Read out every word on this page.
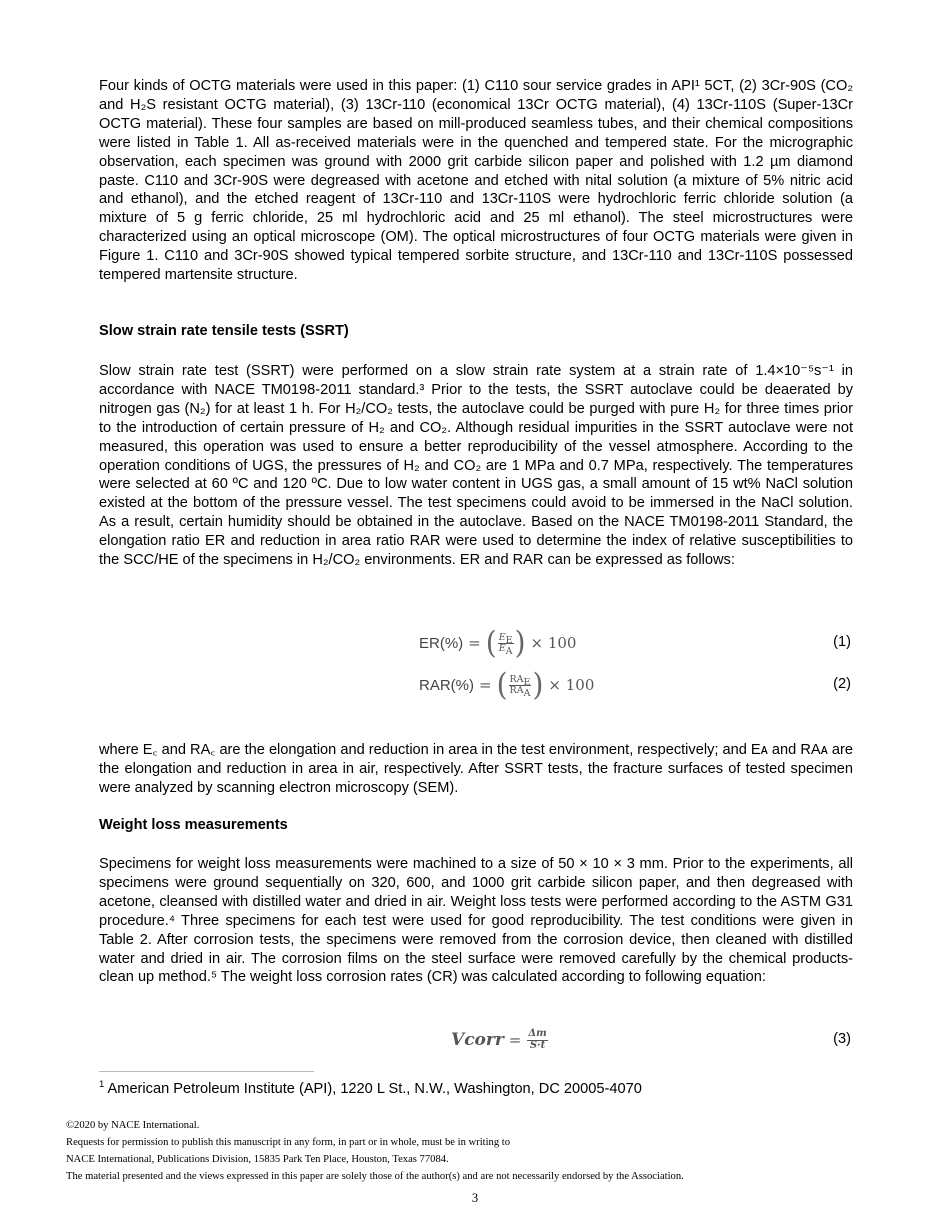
Four kinds of OCTG materials were used in this paper: (1) C110 sour service grades in API¹ 5CT, (2) 3Cr-90S (CO₂ and H₂S resistant OCTG material), (3) 13Cr-110 (economical 13Cr OCTG material), (4) 13Cr-110S (Super-13Cr OCTG material). These four samples are based on mill-produced seamless tubes, and their chemical compositions were listed in Table 1. All as-received materials were in the quenched and tempered state. For the micrographic observation, each specimen was ground with 2000 grit carbide silicon paper and polished with 1.2 µm diamond paste. C110 and 3Cr-90S were degreased with acetone and etched with nital solution (a mixture of 5% nitric acid and ethanol), and the etched reagent of 13Cr-110 and 13Cr-110S were hydrochloric ferric chloride solution (a mixture of 5 g ferric chloride, 25 ml hydrochloric acid and 25 ml ethanol). The steel microstructures were characterized using an optical microscope (OM). The optical microstructures of four OCTG materials were given in Figure 1. C110 and 3Cr-90S showed typical tempered sorbite structure, and 13Cr-110 and 13Cr-110S possessed tempered martensite structure.

Slow strain rate tensile tests (SSRT)

Slow strain rate test (SSRT) were performed on a slow strain rate system at a strain rate of 1.4×10⁻⁵s⁻¹ in accordance with NACE TM0198-2011 standard.³ Prior to the tests, the SSRT autoclave could be deaerated by nitrogen gas (N₂) for at least 1 h. For H₂/CO₂ tests, the autoclave could be purged with pure H₂ for three times prior to the introduction of certain pressure of H₂ and CO₂. Although residual impurities in the SSRT autoclave were not measured, this operation was used to ensure a better reproducibility of the vessel atmosphere. According to the operation conditions of UGS, the pressures of H₂ and CO₂ are 1 MPa and 0.7 MPa, respectively. The temperatures were selected at 60 ºC and 120 ºC. Due to low water content in UGS gas, a small amount of 15 wt% NaCl solution existed at the bottom of the pressure vessel. The test specimens could avoid to be immersed in the NaCl solution. As a result, certain humidity should be obtained in the autoclave. Based on the NACE TM0198-2011 Standard, the elongation ratio ER and reduction in area ratio RAR were used to determine the index of relative susceptibilities to the SCC/HE of the specimens in H₂/CO₂ environments. ER and RAR can be expressed as follows:

ER(%) = ( $\frac{E_E}{E_A}$ ) × 100	(1)
RAR(%) = ( $\frac{RA_E}{RA_A}$ ) × 100	(2)

where E꜀ and RA꜀ are the elongation and reduction in area in the test environment, respectively; and Eᴀ and RAᴀ are the elongation and reduction in area in air, respectively. After SSRT tests, the fracture surfaces of tested specimen were analyzed by scanning electron microscopy (SEM).

Weight loss measurements

Specimens for weight loss measurements were machined to a size of 50 × 10 × 3 mm. Prior to the experiments, all specimens were ground sequentially on 320, 600, and 1000 grit carbide silicon paper, and then degreased with acetone, cleansed with distilled water and dried in air. Weight loss tests were performed according to the ASTM G31 procedure.⁴ Three specimens for each test were used for good reproducibility. The test conditions were given in Table 2. After corrosion tests, the specimens were removed from the corrosion device, then cleaned with distilled water and dried in air. The corrosion films on the steel surface were removed carefully by the chemical products-clean up method.⁵ The weight loss corrosion rates (CR) was calculated according to following equation:

Vcorr = $\frac{\Delta m}{S\cdot t}$	(3)

$^1$ American Petroleum Institute (API), 1220 L St., N.W., Washington, DC 20005-4070

©2020 by NACE International.

Requests for permission to publish this manuscript in any form, in part or in whole, must be in writing to

NACE International, Publications Division, 15835 Park Ten Place, Houston, Texas 77084.

The material presented and the views expressed in this paper are solely those of the author(s) and are not necessarily endorsed by the Association.

3
